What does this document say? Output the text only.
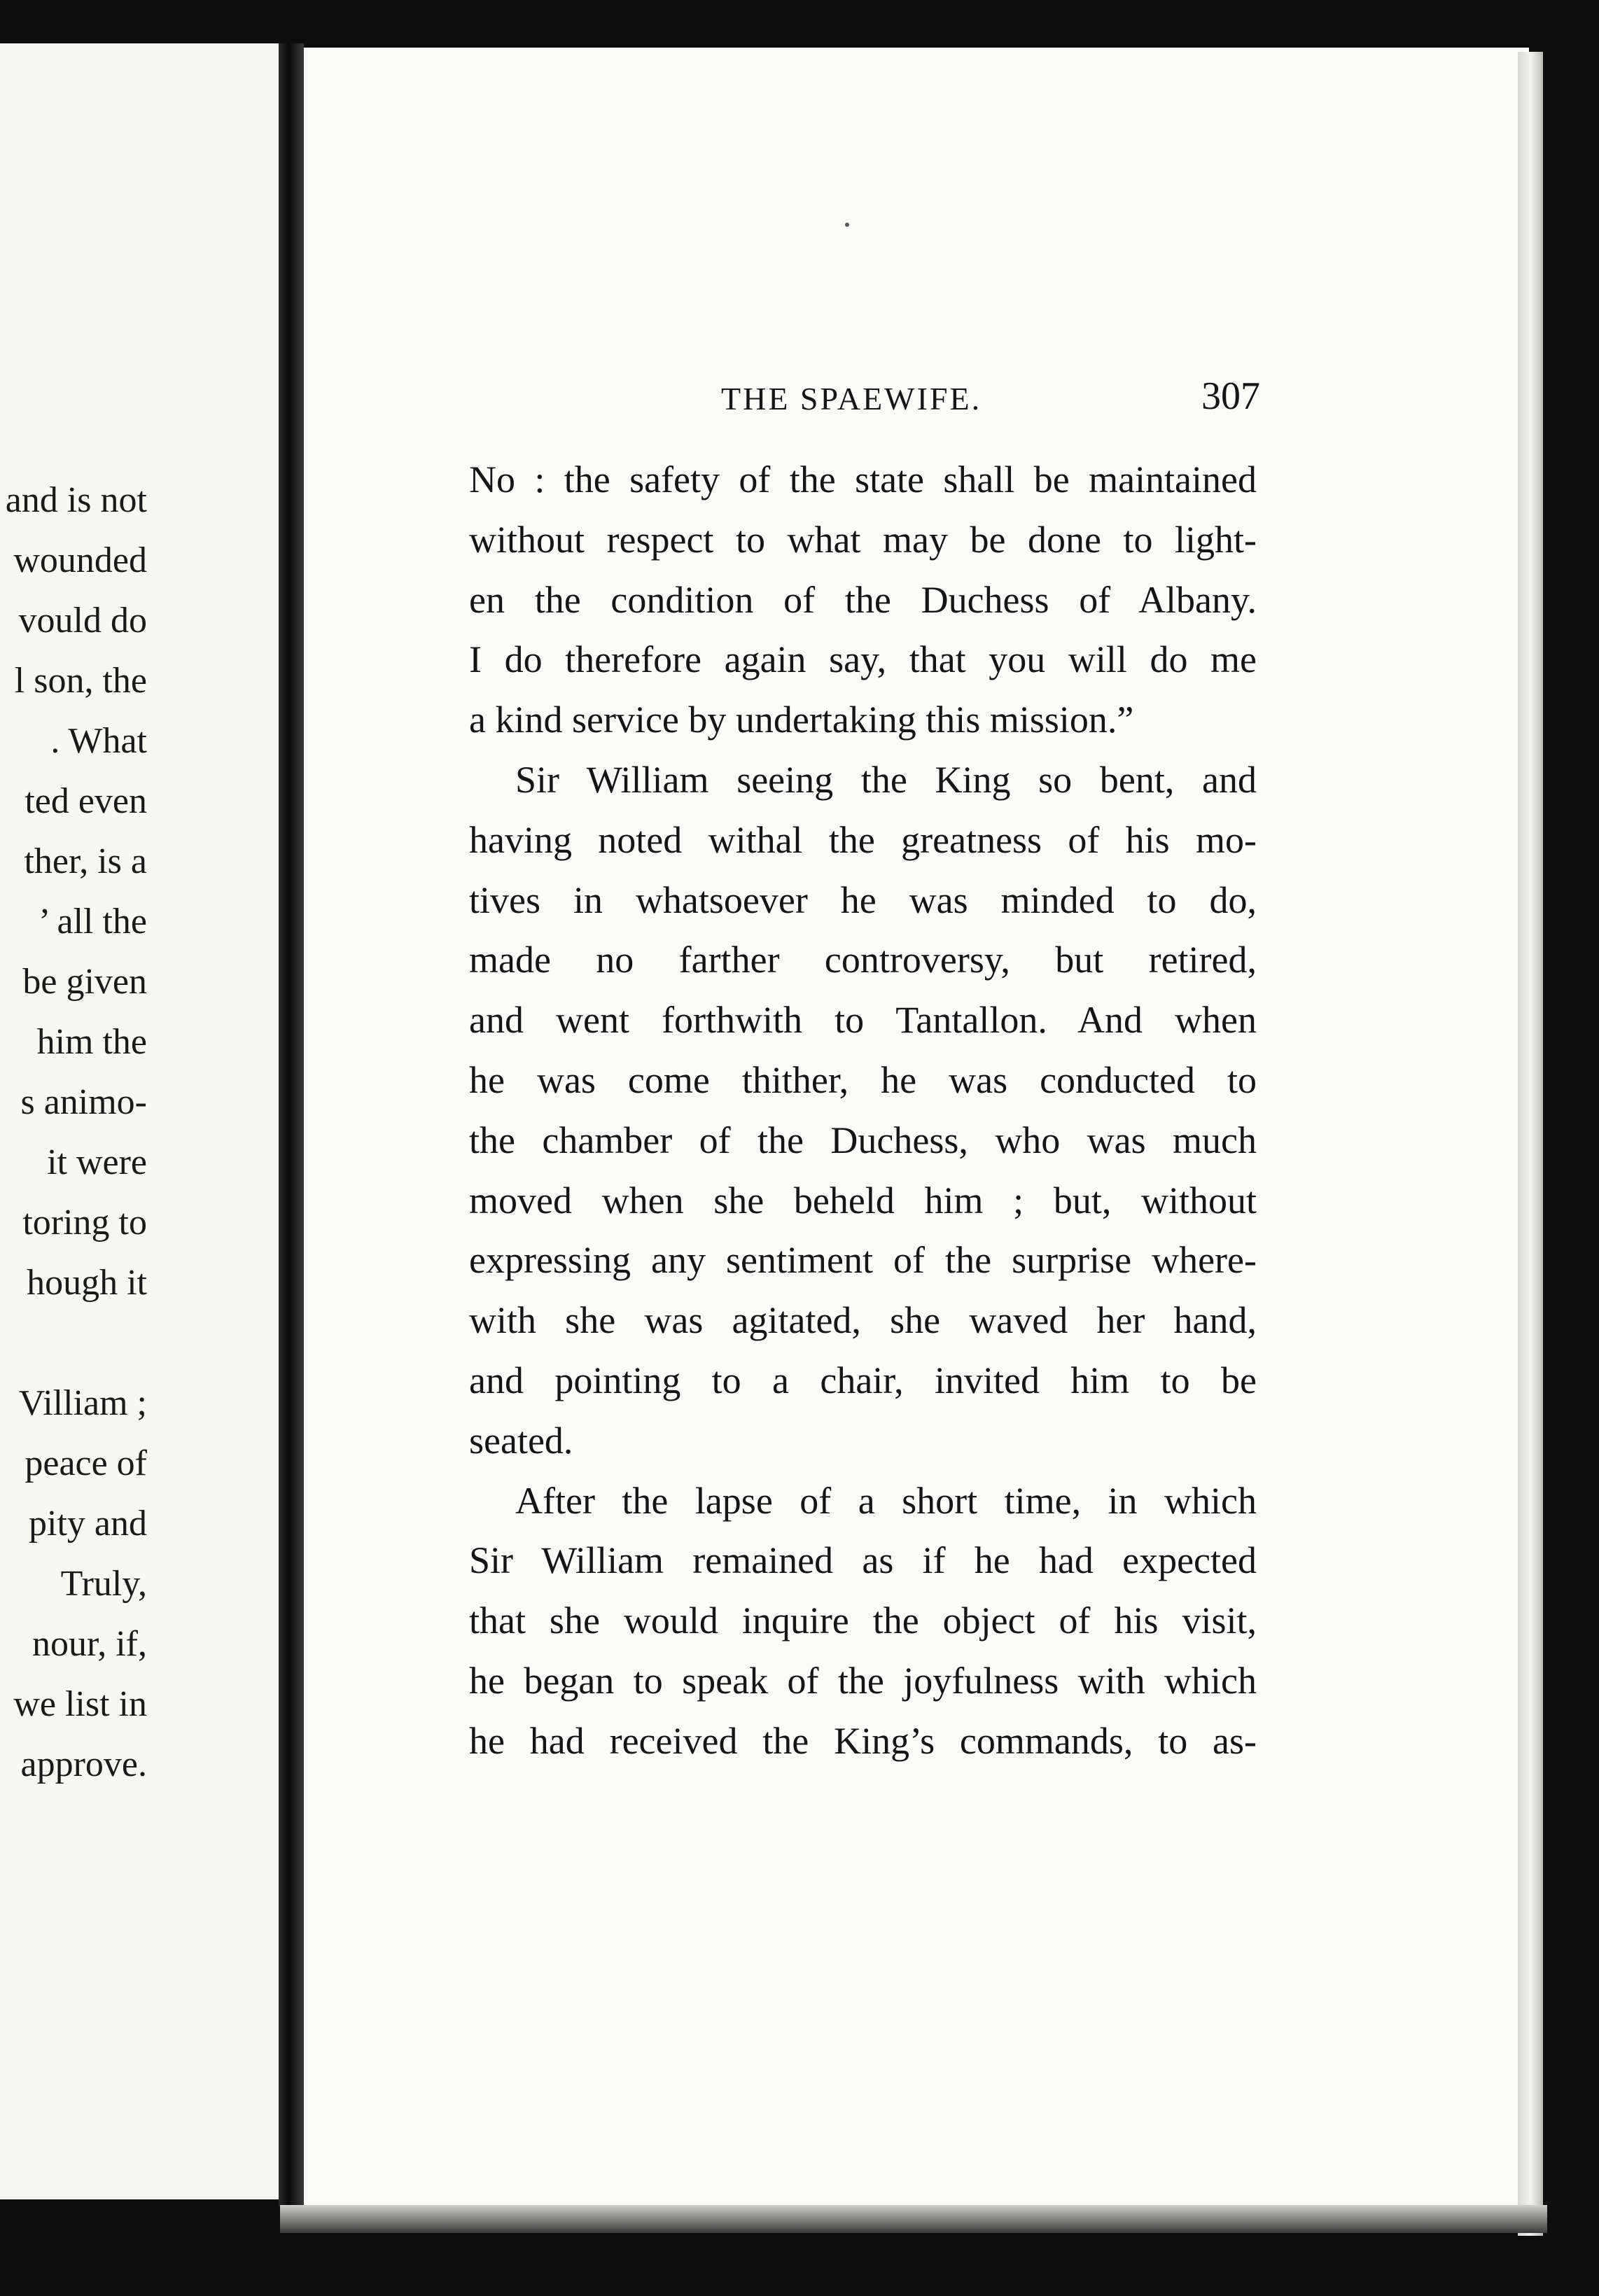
and is not
wounded
vould do
l son, the
. What
ted even
ther, is a
’ all the
be given
him the
s animo-
it were
toring to
hough it
Villiam ;
peace of
pity and
Truly,
nour, if,
we list in
approve.
THE SPAEWIFE.	307
No : the safety of the state shall be maintained
without respect to what may be done to light-
en the condition of the Duchess of Albany.
I do therefore again say, that you will do me
a kind service by undertaking this mission.”
Sir William seeing the King so bent, and
having noted withal the greatness of his mo-
tives in whatsoever he was minded to do,
made no farther controversy, but retired,
and went forthwith to Tantallon. And when
he was come thither, he was conducted to
the chamber of the Duchess, who was much
moved when she beheld him ; but, without
expressing any sentiment of the surprise where-
with she was agitated, she waved her hand,
and pointing to a chair, invited him to be
seated.
After the lapse of a short time, in which
Sir William remained as if he had expected
that she would inquire the object of his visit,
he began to speak of the joyfulness with which
he had received the King’s commands, to as-
